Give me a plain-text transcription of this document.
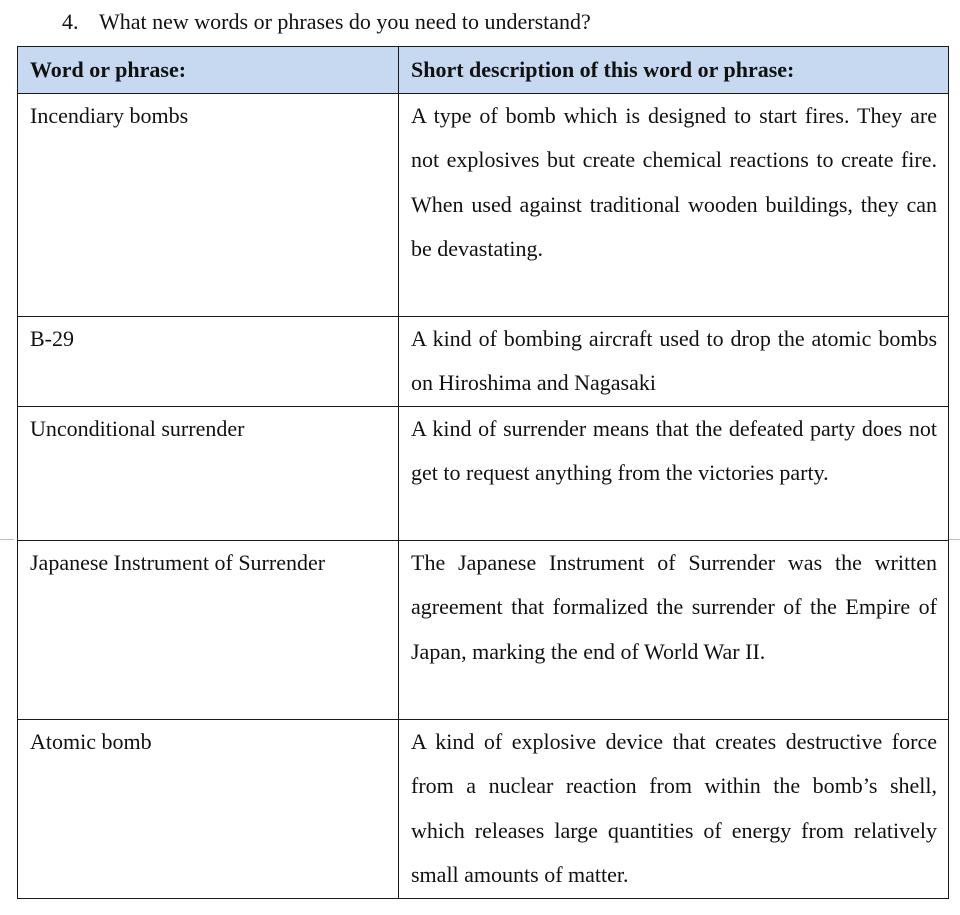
4. What new words or phrases do you need to understand?
Word or phrase:	Short description of this word or phrase:
Incendiary bombs	A type of bomb which is designed to start fires. They are not explosives but create chemical reactions to create fire. When used against traditional wooden buildings, they can be devastating.
B-29	A kind of bombing aircraft used to drop the atomic bombs on Hiroshima and Nagasaki
Unconditional surrender	A kind of surrender means that the defeated party does not get to request anything from the victories party.
Japanese Instrument of Surrender	The Japanese Instrument of Surrender was the written agreement that formalized the surrender of the Empire of Japan, marking the end of World War II.
Atomic bomb	A kind of explosive device that creates destructive force from a nuclear reaction from within the bomb’s shell, which releases large quantities of energy from relatively small amounts of matter.
